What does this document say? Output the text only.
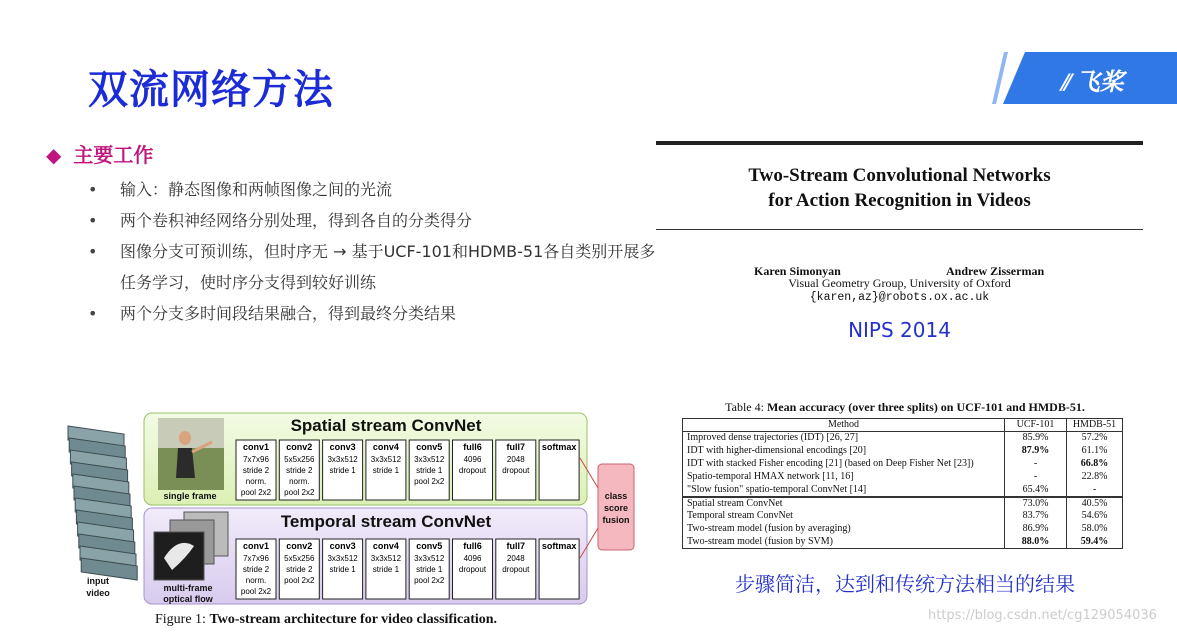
双流网络方法	⫽ 飞桨
◆ 主要工作
• 输入：静态图像和两帧图像之间的光流
• 两个卷积神经网络分别处理，得到各自的分类得分
• 图像分支可预训练，但时序无 → 基于UCF-101和HDMB-51各自类别开展多任务学习，使时序分支得到较好训练
• 两个分支多时间段结果融合，得到最终分类结果
Two-Stream Convolutional Networks
for Action Recognition in Videos
Karen Simonyan	Andrew Zisserman
Visual Geometry Group, University of Oxford
{karen,az}@robots.ox.ac.uk
NIPS 2014
Table 4: Mean accuracy (over three splits) on UCF-101 and HMDB-51.
Method	UCF-101	HMDB-51
Improved dense trajectories (IDT) [26, 27]	85.9%	57.2%
IDT with higher-dimensional encodings [20]	87.9%	61.1%
IDT with stacked Fisher encoding [21] (based on Deep Fisher Net [23])	-	66.8%
Spatio-temporal HMAX network [11, 16]	-	22.8%
"Slow fusion" spatio-temporal ConvNet [14]	65.4%	-
Spatial stream ConvNet	73.0%	40.5%
Temporal stream ConvNet	83.7%	54.6%
Two-stream model (fusion by averaging)	86.9%	58.0%
Two-stream model (fusion by SVM)	88.0%	59.4%
步骤简洁，达到和传统方法相当的结果
https://blog.csdn.net/cg129054036
Spatial stream ConvNet
Temporal stream ConvNet
input
video
single frame
multi-frame
optical flow
conv1
7x7x96
stride 2
norm.
pool 2x2
conv2
5x5x256
stride 2
norm.
pool 2x2
conv3
3x3x512
stride 1
conv4
3x3x512
stride 1
conv5
3x3x512
stride 1
pool 2x2
full6
4096
dropout
full7
2048
dropout
softmax
conv1
7x7x96
stride 2
norm.
pool 2x2
conv2
5x5x256
stride 2
pool 2x2
conv3
3x3x512
stride 1
conv4
3x3x512
stride 1
conv5
3x3x512
stride 1
pool 2x2
full6
4096
dropout
full7
2048
dropout
softmax
class
score
fusion
Figure 1: Two-stream architecture for video classification.
